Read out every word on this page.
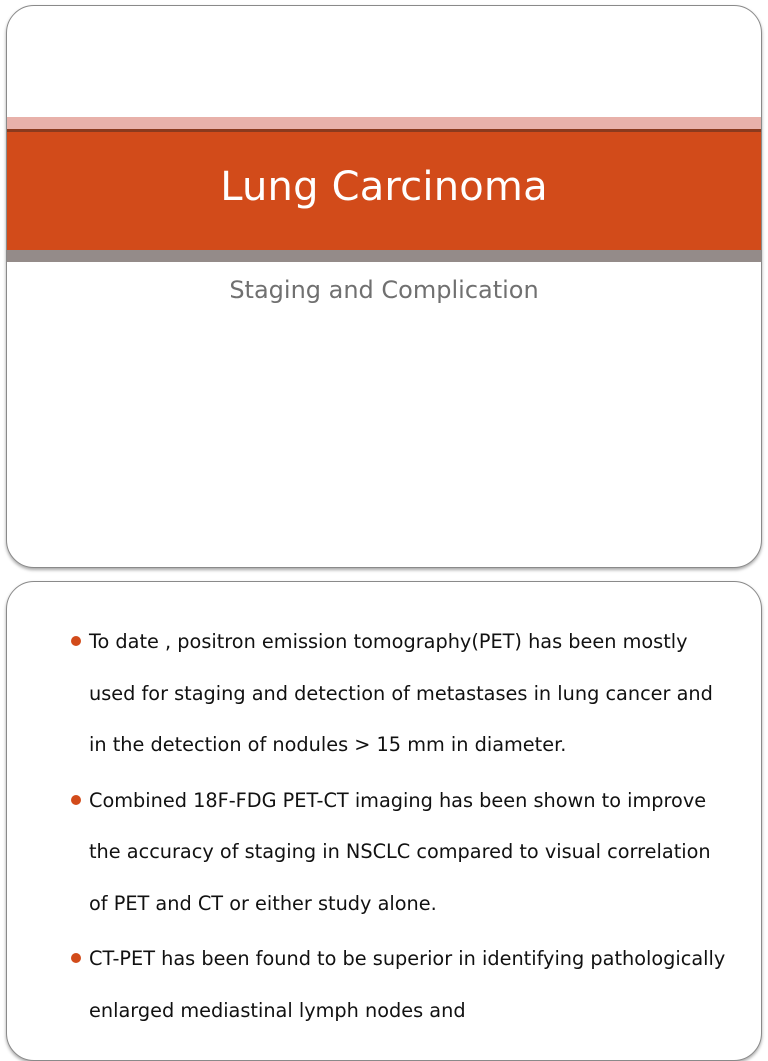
Lung Carcinoma
Staging and Complication
To date , positron emission tomography(PET) has been mostly used for staging and detection of metastases in lung cancer and in the detection of nodules > 15 mm in diameter.
Combined 18F-FDG PET-CT imaging has been shown to improve the accuracy of staging in NSCLC compared to visual correlation of PET and CT or either study alone.
CT-PET has been found to be superior in identifying pathologically enlarged mediastinal lymph nodes and
